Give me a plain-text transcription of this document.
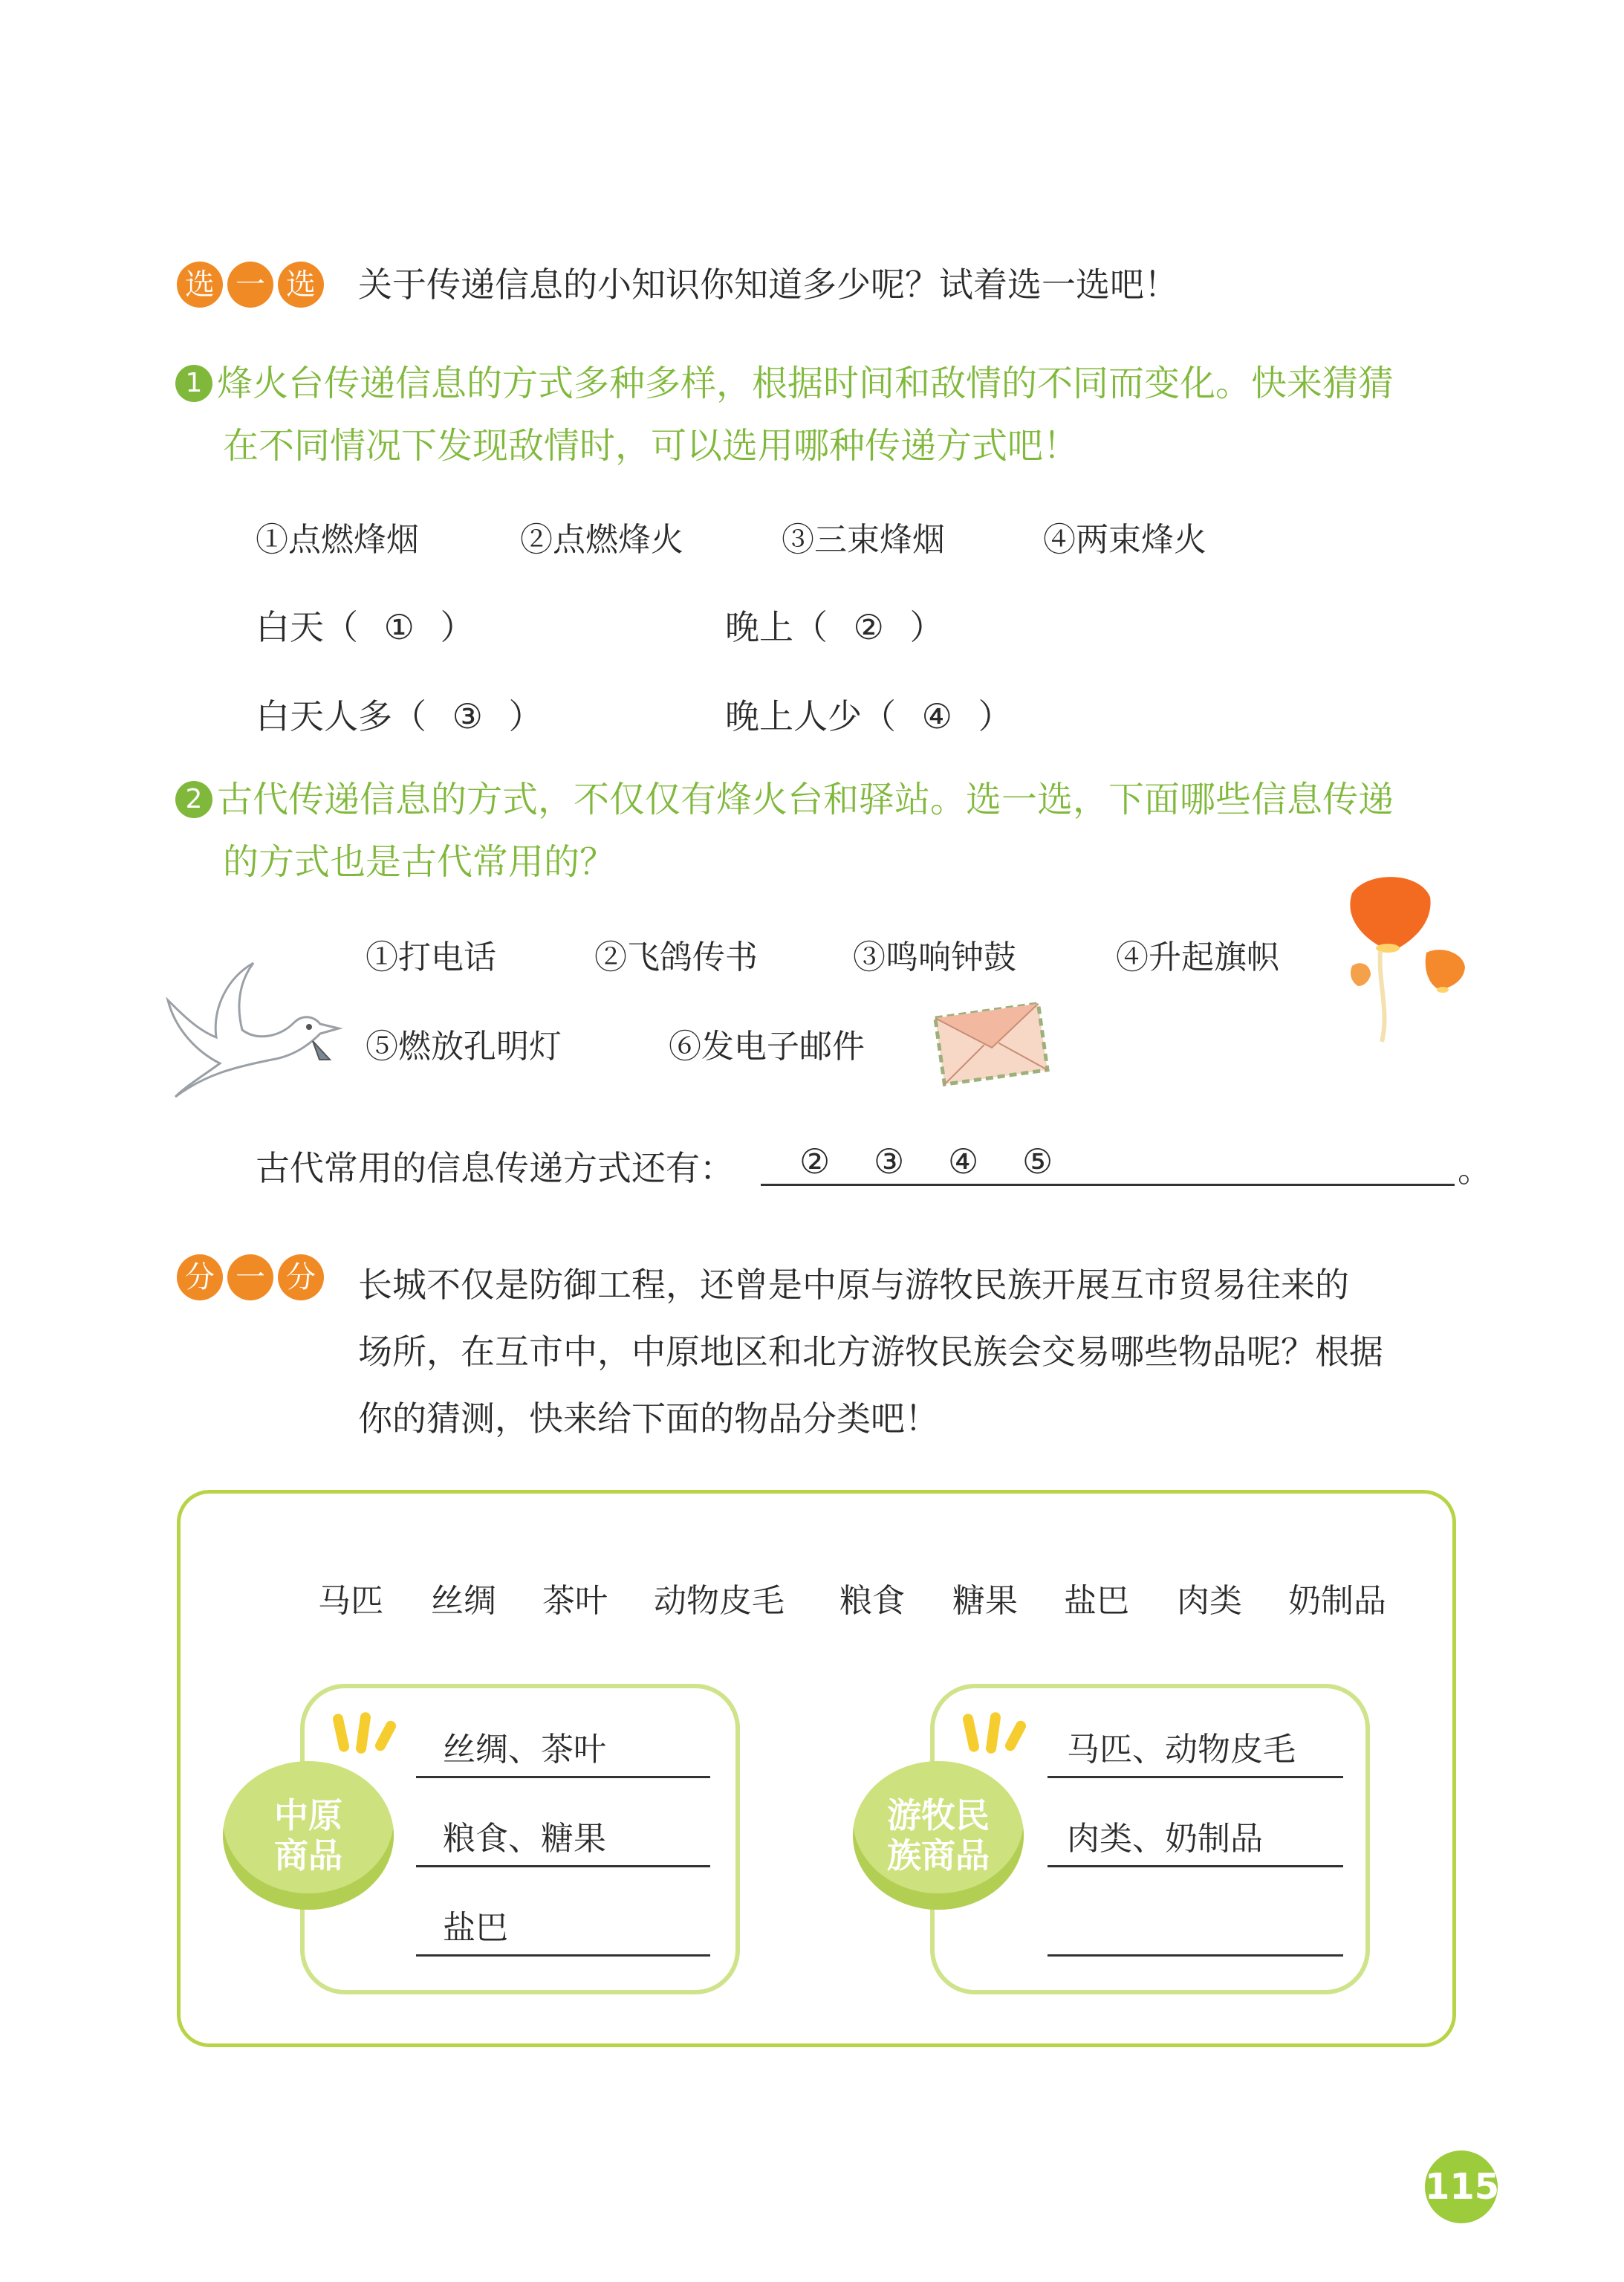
选 一 选 关于传递信息的小知识你知道多少呢？试着选一选吧！
1 烽火台传递信息的方式多种多样，根据时间和敌情的不同而变化。快来猜猜
在不同情况下发现敌情时，可以选用哪种传递方式吧！
①点燃烽烟	②点燃烽火	③三束烽烟	④两束烽火
白天（ ① ）	晚上（ ② ）
白天人多（ ③ ）	晚上人少（ ④ ）
2 古代传递信息的方式，不仅仅有烽火台和驿站。选一选，下面哪些信息传递
的方式也是古代常用的？
①打电话	②飞鸽传书	③鸣响钟鼓	④升起旗帜
⑤燃放孔明灯	⑥发电子邮件
古代常用的信息传递方式还有： ② ③ ④ ⑤	。
分 一 分 长城不仅是防御工程，还曾是中原与游牧民族开展互市贸易往来的
场所，在互市中，中原地区和北方游牧民族会交易哪些物品呢？根据
你的猜测，快来给下面的物品分类吧！
马匹 丝绸 茶叶 动物皮毛 粮食 糖果 盐巴 肉类 奶制品
中原
商品
丝绸、茶叶
粮食、糖果
盐巴
游牧民
族商品
马匹、动物皮毛
肉类、奶制品
115
